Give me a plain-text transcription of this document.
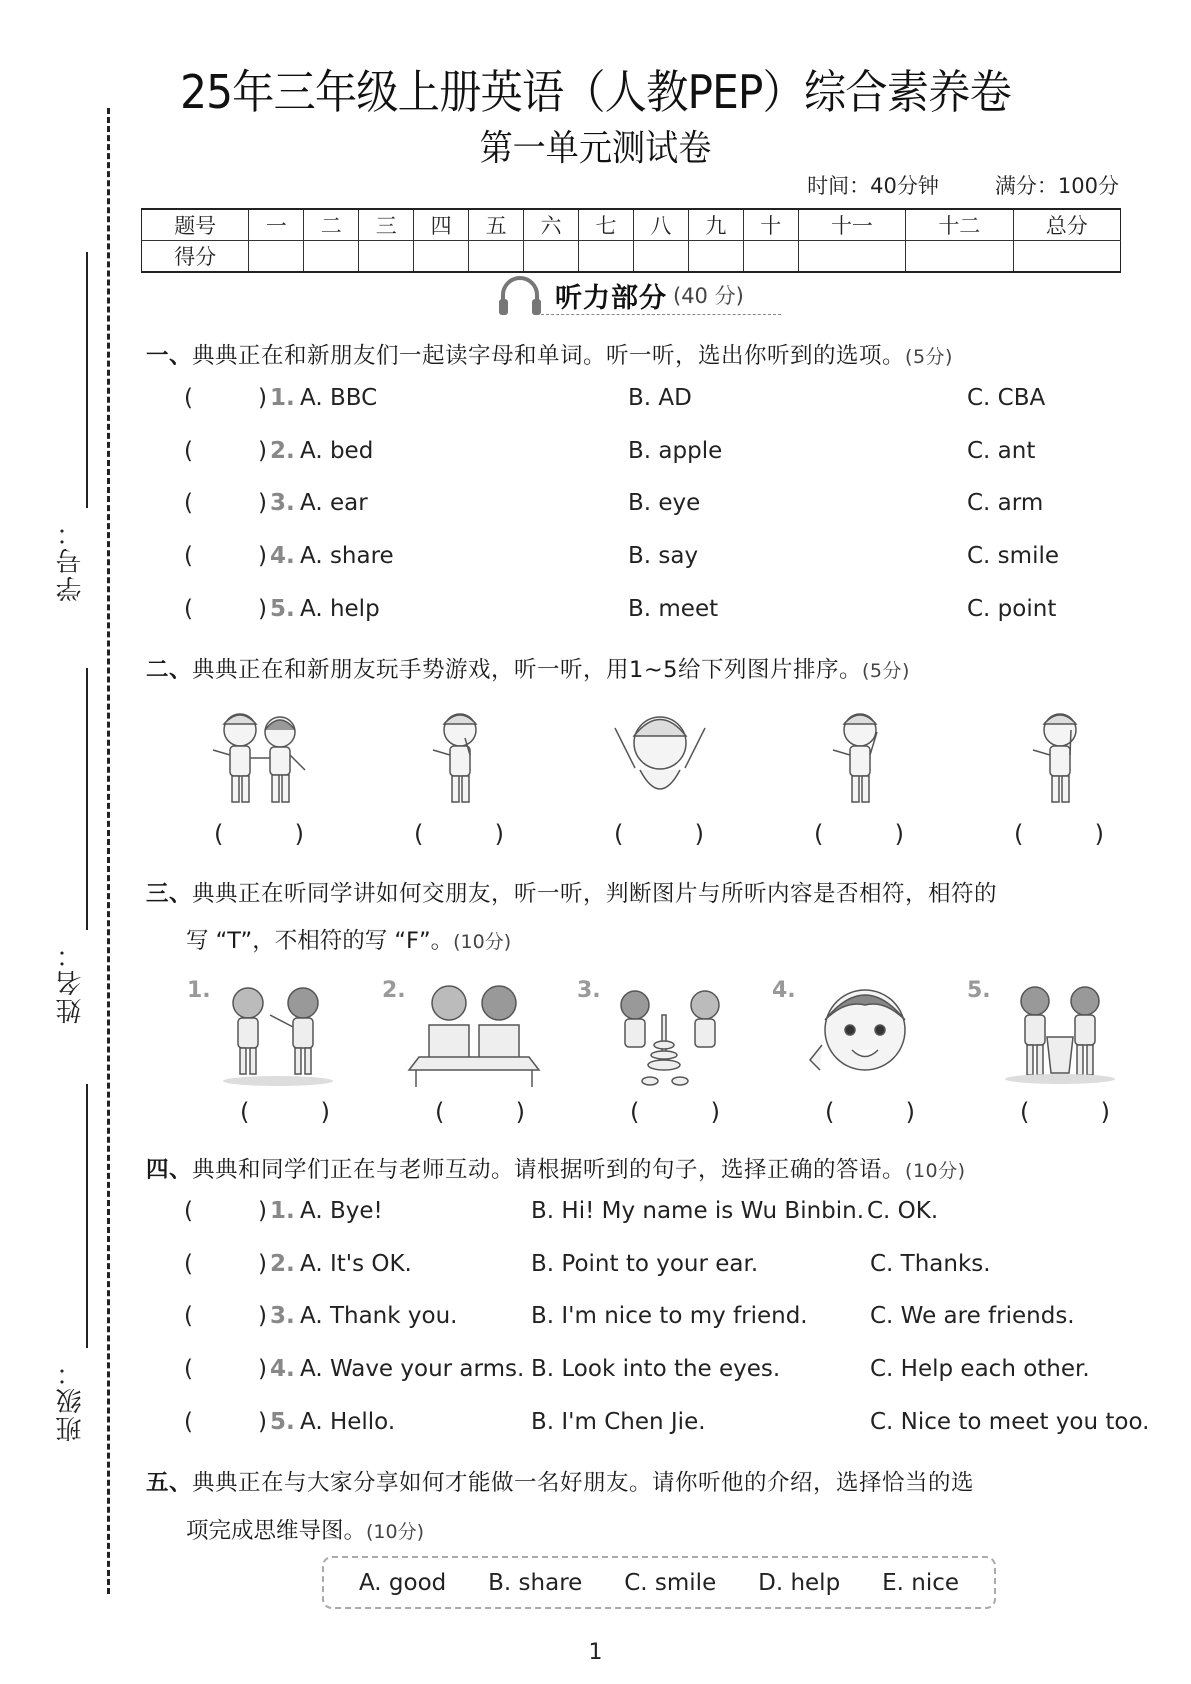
学号：
姓名：
班级：
25年三年级上册英语（人教PEP）综合素养卷
第一单元测试卷
时间：40分钟	满分：100分
题号	一	二	三	四	五	六	七	八	九	十	十一	十二	总分
得分													
听力部分 (40 分)
一、典典正在和新朋友们一起读字母和单词。听一听，选出你听到的选项。(5分)
(	) 1. A. BBC	B. AD	C. CBA
(	) 2. A. bed	B. apple	C. ant
(	) 3. A. ear	B. eye	C. arm
(	) 4. A. share	B. say	C. smile
(	) 5. A. help	B. meet	C. point
二、典典正在和新朋友玩手势游戏，听一听，用1~5给下列图片排序。(5分)
(	)	(	)	(	)	(	)	(	)
三、典典正在听同学讲如何交朋友，听一听，判断图片与所听内容是否相符，相符的
写 “T”，不相符的写 “F”。(10分)
1.	2.	3.	4.	5.
(	)	(	)	(	)	(	)	(	)
四、典典和同学们正在与老师互动。请根据听到的句子，选择正确的答语。(10分)
(	) 1. A. Bye!	B. Hi! My name is Wu Binbin. C. OK.
(	) 2. A. It's OK.	B. Point to your ear.	C. Thanks.
(	) 3. A. Thank you.	B. I'm nice to my friend.	C. We are friends.
(	) 4. A. Wave your arms. B. Look into the eyes.	C. Help each other.
(	) 5. A. Hello.	B. I'm Chen Jie.	C. Nice to meet you too.
五、典典正在与大家分享如何才能做一名好朋友。请你听他的介绍，选择恰当的选
项完成思维导图。(10分)
A. good B. share C. smile D. help E. nice
1
